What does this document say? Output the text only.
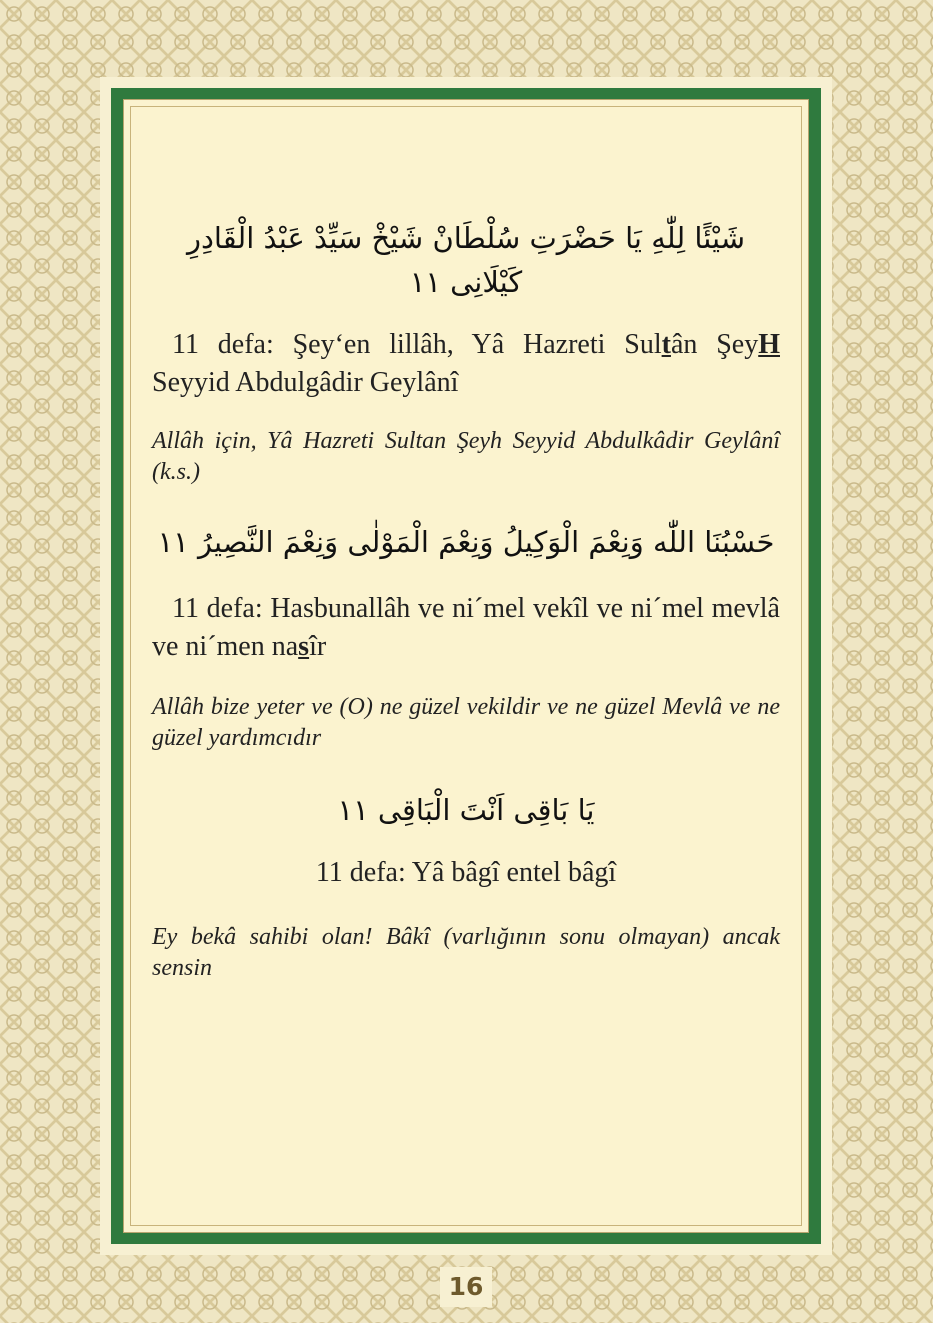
شَيْئًا لِلّٰهِ يَا حَضْرَتِ سُلْطَانْ شَيْخْ سَيِّدْ عَبْدُ الْقَادِرِ كَيْلَانِى ١١
11 defa: Şey‘en lillâh, Yâ Hazreti Sultân ŞeyH Seyyid Abdulgâdir Geylânî
Allâh için, Yâ Hazreti Sultan Şeyh Seyyid Abdulkâdir Geylânî (k.s.)
حَسْبُنَا اللّٰه وَنِعْمَ الْوَكِيلُ وَنِعْمَ الْمَوْلٰى وَنِعْمَ النَّصِيرُ ١١
11 defa: Hasbunallâh ve ni´mel vekîl ve ni´mel mevlâ ve ni´men nasîr
Allâh bize yeter ve (O) ne güzel vekildir ve ne güzel Mevlâ ve ne güzel yardımcıdır
يَا بَاقِى اَنْتَ الْبَاقِى ١١
11 defa: Yâ bâgî entel bâgî
Ey bekâ sahibi olan! Bâkî (varlığının sonu olmayan) ancak sensin
16
